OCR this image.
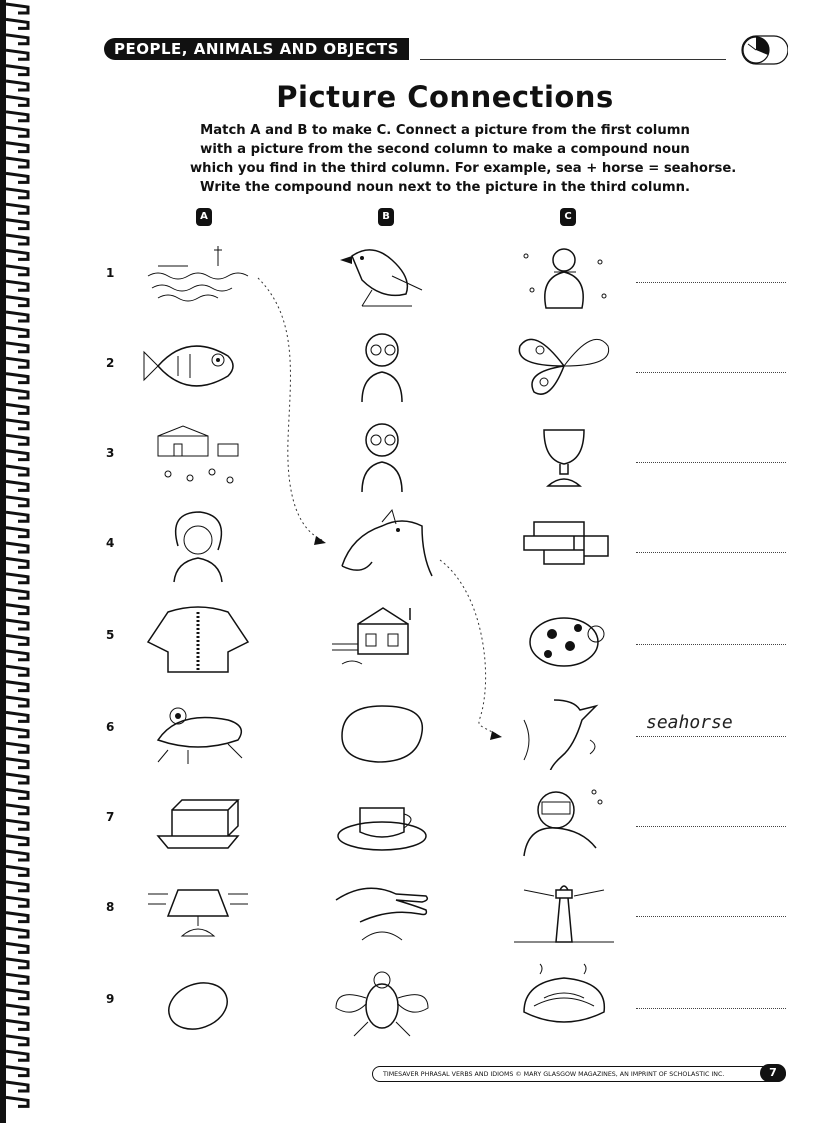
PEOPLE, ANIMALS AND OBJECTS
Picture Connections
Match A and B to make C. Connect a picture from the first column
with a picture from the second column to make a compound noun
which you find in the third column. For example, sea + horse = seahorse.
Write the compound noun next to the picture in the third column.
A	B	C
1
2
3
4
5
6	seahorse
7
8
9
TIMESAVER PHRASAL VERBS AND IDIOMS © MARY GLASGOW MAGAZINES, AN IMPRINT OF SCHOLASTIC INC.	7
